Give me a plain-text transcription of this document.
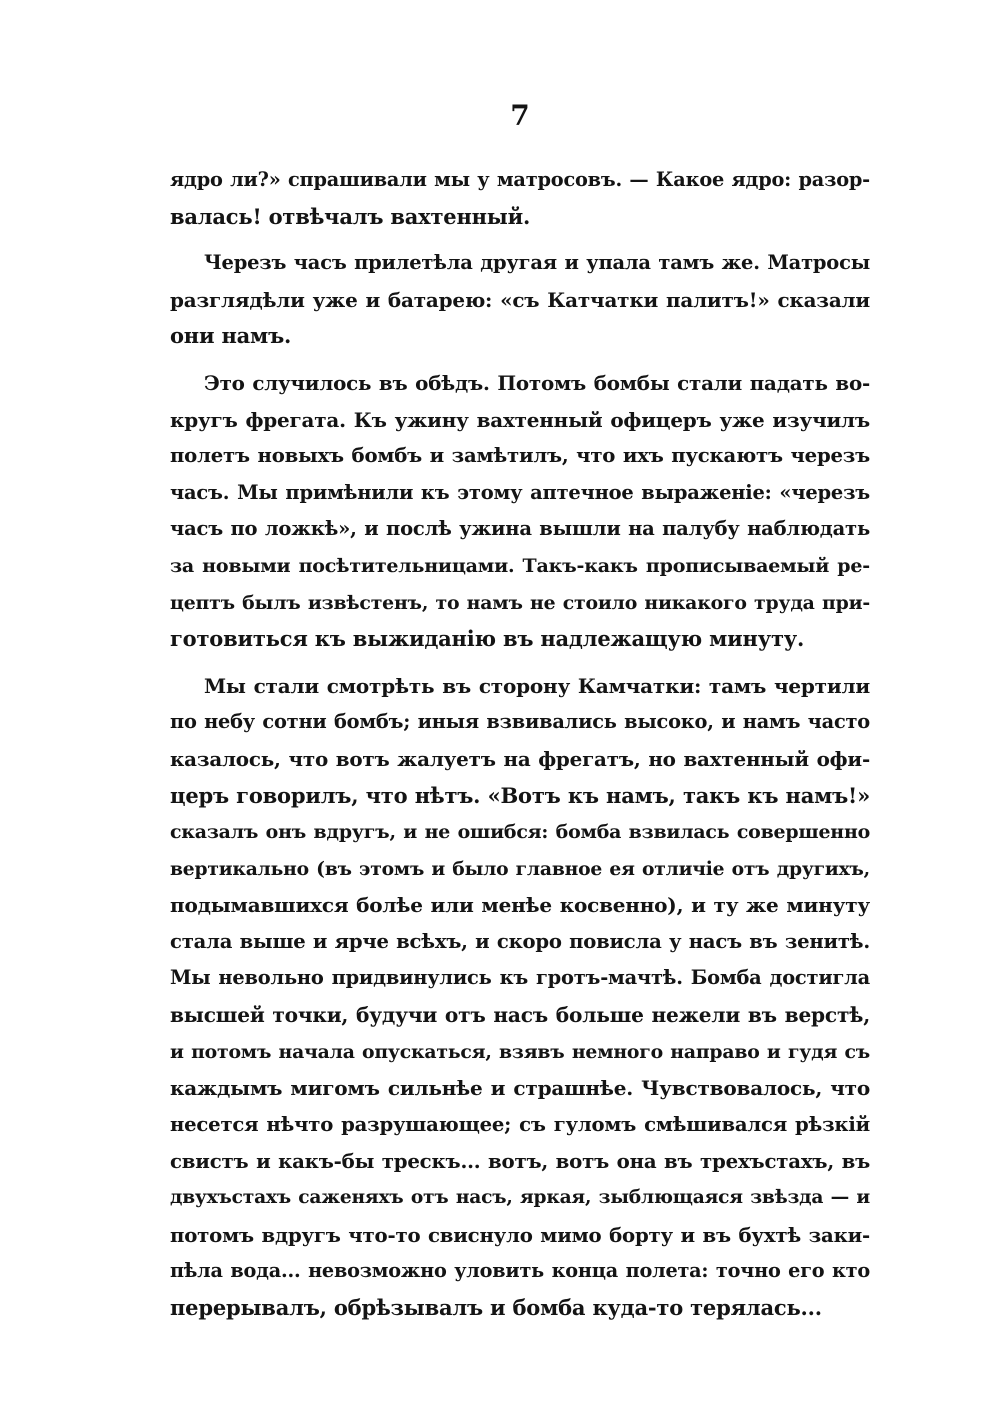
7
ядро ли?» спрашивали мы у матросовъ. — Какое ядро: разор-
валась! отвѣчалъ вахтенный.
Черезъ часъ прилетѣла другая и упала тамъ же. Матросы
разглядѣли уже и батарею: «съ Катчатки палитъ!» сказали
они намъ.
Это случилось въ обѣдъ. Потомъ бомбы стали падать во-
кругъ фрегата. Къ ужину вахтенный офицеръ уже изучилъ
полетъ новыхъ бомбъ и замѣтилъ, что ихъ пускаютъ черезъ
часъ. Мы примѣнили къ этому аптечное выраженіе: «черезъ
часъ по ложкѣ», и послѣ ужина вышли на палубу наблюдать
за новыми посѣтительницами. Такъ-какъ прописываемый ре-
цептъ былъ извѣстенъ, то намъ не стоило никакого труда при-
готовиться къ выжиданію въ надлежащую минуту.
Мы стали смотрѣть въ сторону Камчатки: тамъ чертили
по небу сотни бомбъ; иныя взвивались высоко, и намъ часто
казалось, что вотъ жалуетъ на фрегатъ, но вахтенный офи-
церъ говорилъ, что нѣтъ. «Вотъ къ намъ, такъ къ намъ!»
сказалъ онъ вдругъ, и не ошибся: бомба взвилась совершенно
вертикально (въ этомъ и было главное ея отличіе отъ другихъ,
подымавшихся болѣе или менѣе косвенно), и ту же минуту
стала выше и ярче всѣхъ, и скоро повисла у насъ въ зенитѣ.
Мы невольно придвинулись къ гротъ-мачтѣ. Бомба достигла
высшей точки, будучи отъ насъ больше нежели въ верстѣ,
и потомъ начала опускаться, взявъ немного направо и гудя съ
каждымъ мигомъ сильнѣе и страшнѣе. Чувствовалось, что
несется нѣчто разрушающее; съ гуломъ смѣшивался рѣзкій
свистъ и какъ-бы трескъ... вотъ, вотъ она въ трехъстахъ, въ
двухъстахъ саженяхъ отъ насъ, яркая, зыблющаяся звѣзда — и
потомъ вдругъ что-то свиснуло мимо борту и въ бухтѣ заки-
пѣла вода... невозможно уловить конца полета: точно его кто
перерывалъ, обрѣзывалъ и бомба куда-то терялась...
